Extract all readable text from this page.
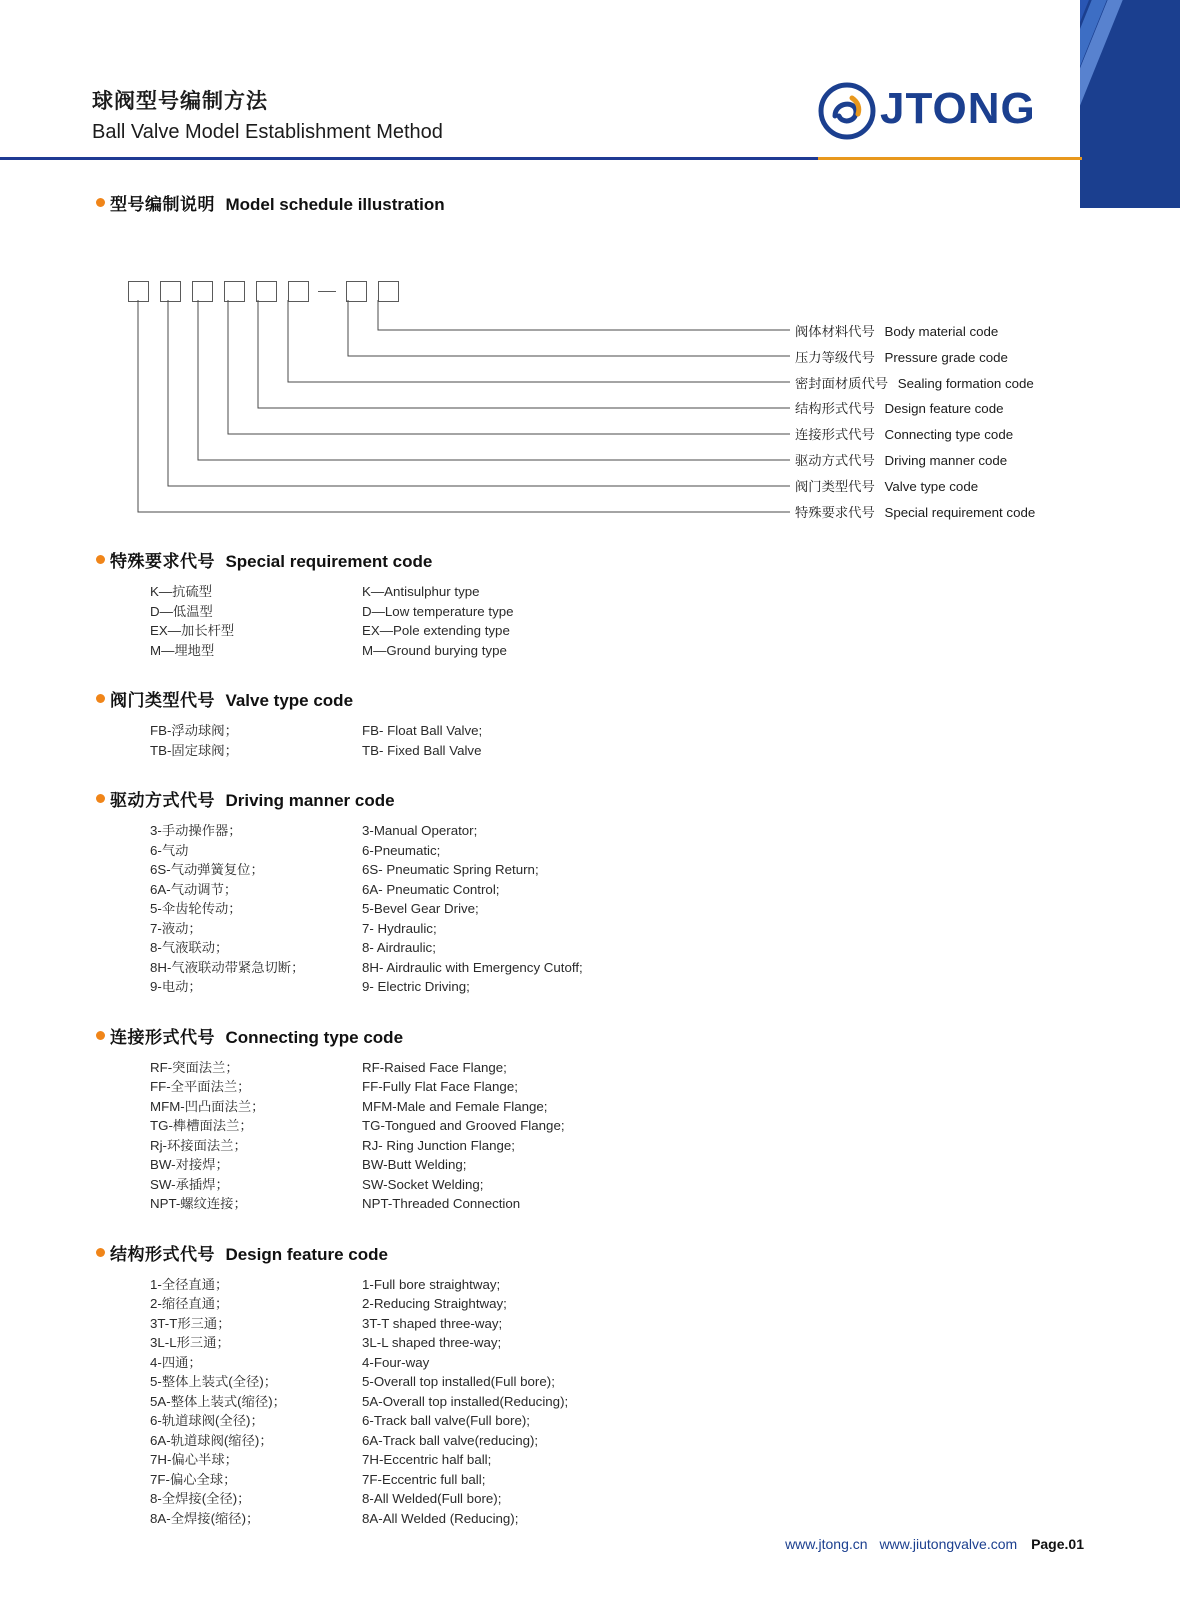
球阀型号编制方法
Ball Valve Model Establishment Method	JTONG
型号编制说明 Model schedule illustration
阀体材料代号 Body material code
压力等级代号 Pressure grade code
密封面材质代号 Sealing formation code
结构形式代号 Design feature code
连接形式代号 Connecting type code
驱动方式代号 Driving manner code
阀门类型代号 Valve type code
特殊要求代号 Special requirement code
特殊要求代号 Special requirement code
K—抗硫型	K—Antisulphur type
D—低温型	D—Low temperature type
EX—加长杆型	EX—Pole extending type
M—埋地型	M—Ground burying type
阀门类型代号 Valve type code
FB-浮动球阀；	FB- Float Ball Valve;
TB-固定球阀；	TB- Fixed Ball Valve
驱动方式代号 Driving manner code
3-手动操作器；	3-Manual Operator;
6-气动	6-Pneumatic;
6S-气动弹簧复位；	6S- Pneumatic Spring Return;
6A-气动调节；	6A- Pneumatic Control;
5-伞齿轮传动；	5-Bevel Gear Drive;
7-液动；	7- Hydraulic;
8-气液联动；	8- Airdraulic;
8H-气液联动带紧急切断；	8H- Airdraulic with Emergency Cutoff;
9-电动；	9- Electric Driving;
连接形式代号 Connecting type code
RF-突面法兰；	RF-Raised Face Flange;
FF-全平面法兰；	FF-Fully Flat Face Flange;
MFM-凹凸面法兰；	MFM-Male and Female Flange;
TG-榫槽面法兰；	TG-Tongued and Grooved Flange;
Rj-环接面法兰；	RJ- Ring Junction Flange;
BW-对接焊；	BW-Butt Welding;
SW-承插焊；	SW-Socket Welding;
NPT-螺纹连接；	NPT-Threaded Connection
结构形式代号 Design feature code
1-全径直通；	1-Full bore straightway;
2-缩径直通；	2-Reducing Straightway;
3T-T形三通；	3T-T shaped three-way;
3L-L形三通；	3L-L shaped three-way;
4-四通；	4-Four-way
5-整体上装式(全径)；	5-Overall top installed(Full bore);
5A-整体上装式(缩径)；	5A-Overall top installed(Reducing);
6-轨道球阀(全径)；	6-Track ball valve(Full bore);
6A-轨道球阀(缩径)；	6A-Track ball valve(reducing);
7H-偏心半球；	7H-Eccentric half ball;
7F-偏心全球；	7F-Eccentric full ball;
8-全焊接(全径)；	8-All Welded(Full bore);
8A-全焊接(缩径)；	8A-All Welded (Reducing);
www.jtong.cn www.jiutongvalve.com Page.01
